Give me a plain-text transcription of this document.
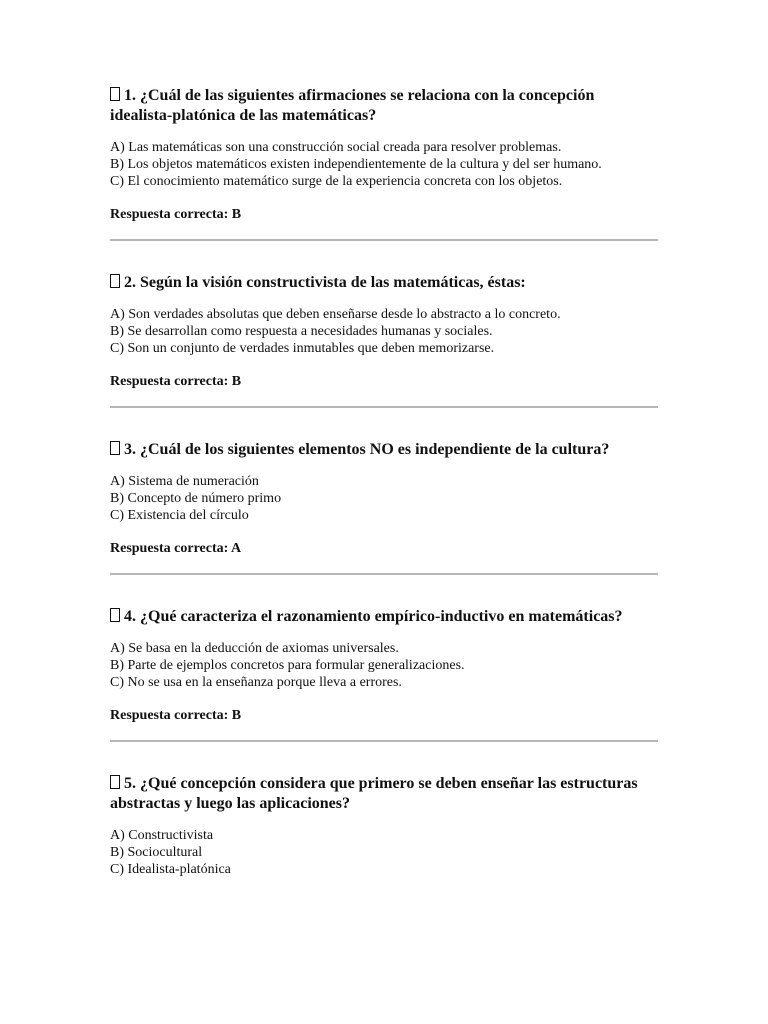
1. ¿Cuál de las siguientes afirmaciones se relaciona con la concepción idealista-platónica de las matemáticas?

A) Las matemáticas son una construcción social creada para resolver problemas.
B) Los objetos matemáticos existen independientemente de la cultura y del ser humano.
C) El conocimiento matemático surge de la experiencia concreta con los objetos.

Respuesta correcta: B

2. Según la visión constructivista de las matemáticas, éstas:

A) Son verdades absolutas que deben enseñarse desde lo abstracto a lo concreto.
B) Se desarrollan como respuesta a necesidades humanas y sociales.
C) Son un conjunto de verdades inmutables que deben memorizarse.

Respuesta correcta: B

3. ¿Cuál de los siguientes elementos NO es independiente de la cultura?

A) Sistema de numeración
B) Concepto de número primo
C) Existencia del círculo

Respuesta correcta: A

4. ¿Qué caracteriza el razonamiento empírico-inductivo en matemáticas?

A) Se basa en la deducción de axiomas universales.
B) Parte de ejemplos concretos para formular generalizaciones.
C) No se usa en la enseñanza porque lleva a errores.

Respuesta correcta: B

5. ¿Qué concepción considera que primero se deben enseñar las estructuras abstractas y luego las aplicaciones?

A) Constructivista
B) Sociocultural
C) Idealista-platónica
